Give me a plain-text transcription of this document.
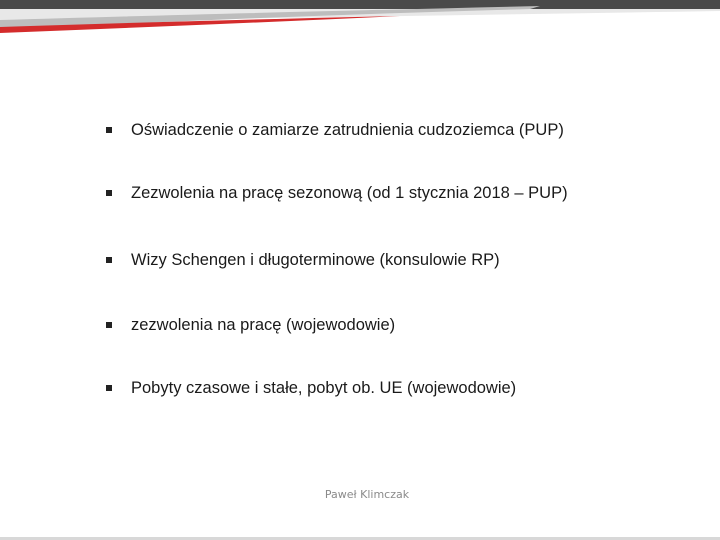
Oświadczenie o zamiarze zatrudnienia cudzoziemca (PUP)
Zezwolenia na pracę sezonową (od 1 stycznia 2018 – PUP)
Wizy Schengen i długoterminowe (konsulowie RP)
zezwolenia na pracę (wojewodowie)
Pobyty czasowe i stałe, pobyt ob. UE (wojewodowie)
Paweł Klimczak
